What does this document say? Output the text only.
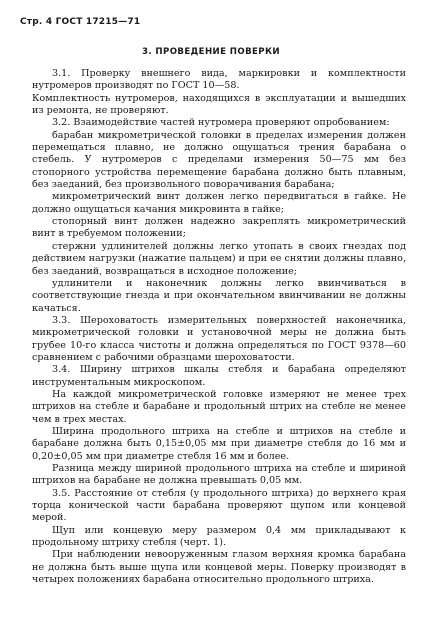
Стр. 4 ГОСТ 17215—71
3. ПРОВЕДЕНИЕ ПОВЕРКИ

3.1. Проверку внешнего вида, маркировки и комплектности нутромеров производят по ГОСТ 10—58.

Комплектность нутромеров, находящихся в эксплуатации и вышедших из ремонта, не проверяют.

3.2. Взаимодействие частей нутромера проверяют опробованием:

барабан микрометрической головки в пределах измерения должен перемещаться плавно, не должно ощущаться трения барабана о стебель. У нутромеров с пределами измерения 50—75 мм без стопорного устройства перемещение барабана должно быть плавным, без заеданий, без произвольного поворачивания барабана;

микрометрический винт должен легко передвигаться в гайке. Не должно ощущаться качания микровинта в гайке;

стопорный винт должен надежно закреплять микрометрический винт в требуемом положении;

стержни удлинителей должны легко утопать в своих гнездах под действием нагрузки (нажатие пальцем) и при ее снятии должны плавно, без заеданий, возвращаться в исходное положение;

удлинители и наконечник должны легко ввинчиваться в соответствующие гнезда и при окончательном ввинчивании не должны качаться.

3.3. Шероховатость измерительных поверхностей наконечника, микрометрической головки и установочной меры не должна быть грубее 10-го класса чистоты и должна определяться по ГОСТ 9378—60 сравнением с рабочими образцами шероховатости.

3.4. Ширину штрихов шкалы стебля и барабана определяют инструментальным микроскопом.

На каждой микрометрической головке измеряют не менее трех штрихов на стебле и барабане и продольный штрих на стебле не менее чем в трех местах.

Ширина продольного штриха на стебле и штрихов на стебле и барабане должна быть 0,15±0,05 мм при диаметре стебля до 16 мм и 0,20±0,05 мм при диаметре стебля 16 мм и более.

Разница между шириной продольного штриха на стебле и шириной штрихов на барабане не должна превышать 0,05 мм.

3.5. Расстояние от стебля (у продольного штриха) до верхнего края торца конической части барабана проверяют щупом или концевой мерой.

Щуп или концевую меру размером 0,4 мм прикладывают к продольному штриху стебля (черт. 1).

При наблюдении невооруженным глазом верхняя кромка барабана не должна быть выше щупа или концевой меры. Поверку производят в четырех положениях барабана относительно продольного штриха.
